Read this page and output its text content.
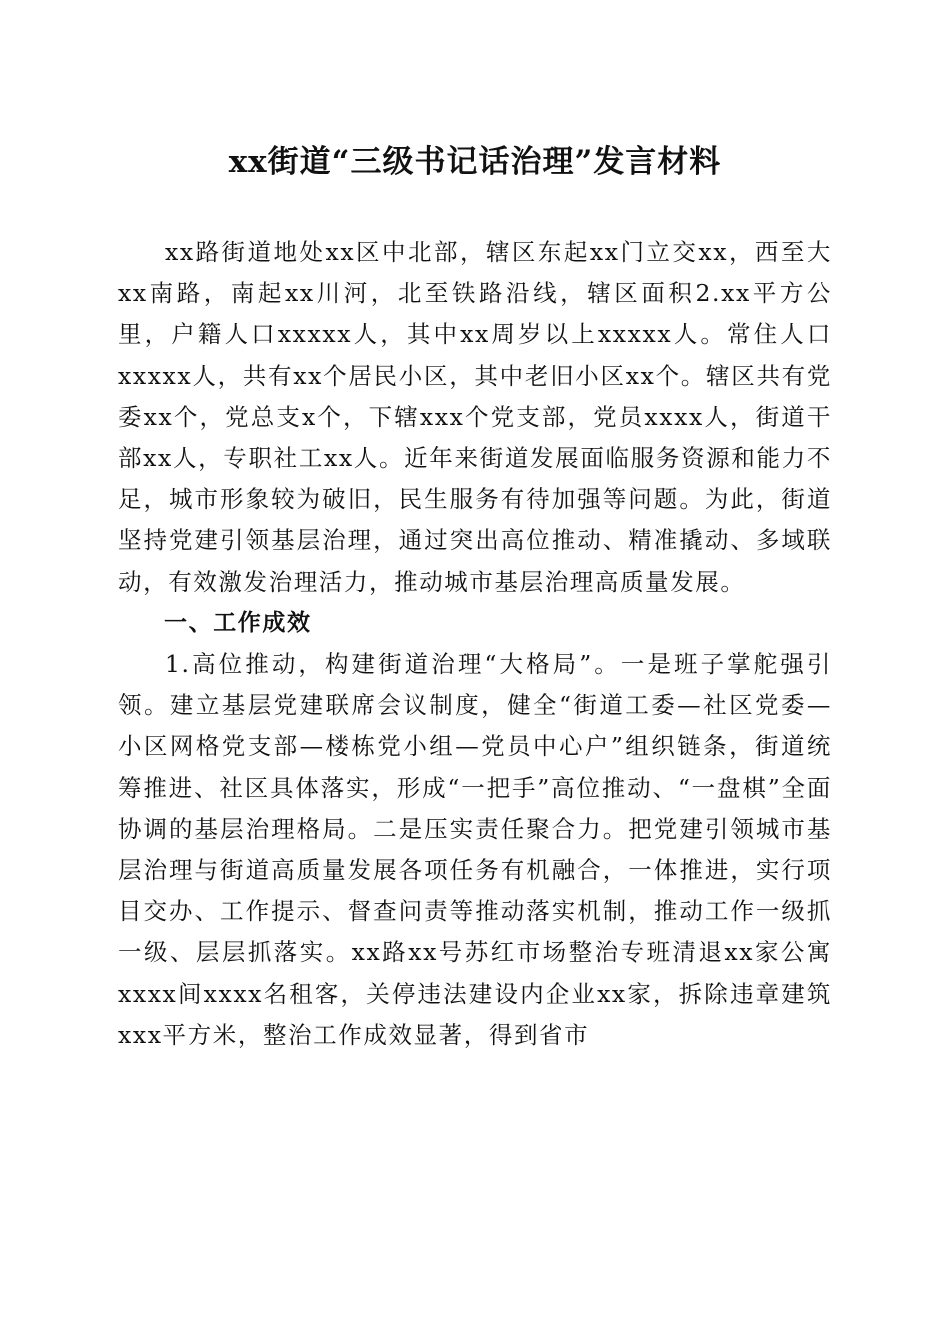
xx街道“三级书记话治理”发言材料

xx路街道地处xx区中北部，辖区东起xx门立交xx，西至大xx南路，南起xx川河，北至铁路沿线，辖区面积2.xx平方公里，户籍人口xxxxx人，其中xx周岁以上xxxxx人。常住人口xxxxx人，共有xx个居民小区，其中老旧小区xx个。辖区共有党委xx个，党总支x个，下辖xxx个党支部，党员xxxx人，街道干部xx人，专职社工xx人。近年来街道发展面临服务资源和能力不足，城市形象较为破旧，民生服务有待加强等问题。为此，街道坚持党建引领基层治理，通过突出高位推动、精准撬动、多域联动，有效激发治理活力，推动城市基层治理高质量发展。

一、工作成效

1.高位推动，构建街道治理“大格局”。一是班子掌舵强引领。建立基层党建联席会议制度，健全“街道工委—社区党委—小区网格党支部—楼栋党小组—党员中心户”组织链条，街道统筹推进、社区具体落实，形成“一把手”高位推动、“一盘棋”全面协调的基层治理格局。二是压实责任聚合力。把党建引领城市基层治理与街道高质量发展各项任务有机融合，一体推进，实行项目交办、工作提示、督查问责等推动落实机制，推动工作一级抓一级、层层抓落实。xx路xx号苏红市场整治专班清退xx家公寓xxxx间xxxx名租客，关停违法建设内企业xx家，拆除违章建筑xxx平方米，整治工作成效显著，得到省市
